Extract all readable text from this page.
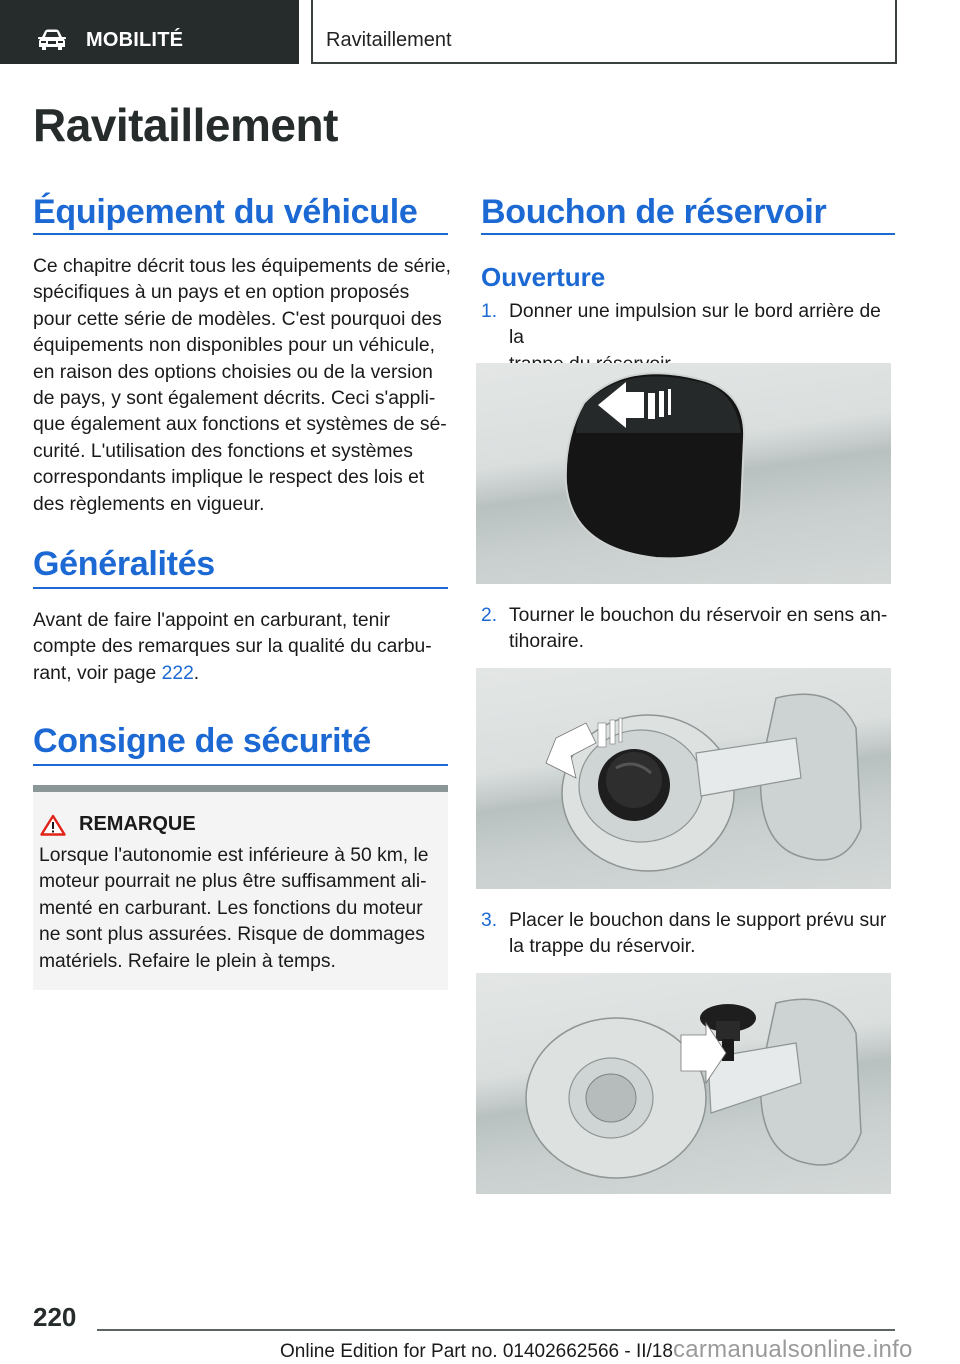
MOBILITÉ	Ravitaillement
Ravitaillement
Équipement du véhicule
Ce chapitre décrit tous les équipements de série,
spécifiques à un pays et en option proposés
pour cette série de modèles. C'est pourquoi des
équipements non disponibles pour un véhicule,
en raison des options choisies ou de la version
de pays, y sont également décrits. Ceci s'appli-
que également aux fonctions et systèmes de sé-
curité. L'utilisation des fonctions et systèmes
correspondants implique le respect des lois et
des règlements en vigueur.
Généralités
Avant de faire l'appoint en carburant, tenir
compte des remarques sur la qualité du carbu-
rant, voir page 222.
Consigne de sécurité
REMARQUE
Lorsque l'autonomie est inférieure à 50 km, le
moteur pourrait ne plus être suffisamment ali-
menté en carburant. Les fonctions du moteur
ne sont plus assurées. Risque de dommages
matériels. Refaire le plein à temps.
Bouchon de réservoir
Ouverture
1. Donner une impulsion sur le bord arrière de la
2. Tourner le bouchon du réservoir en sens an-
tihoraire.
3. Placer le bouchon dans le support prévu sur
la trappe du réservoir.
220
Online Edition for Part no. 01402662566 - II/18carmanualsonline.info
